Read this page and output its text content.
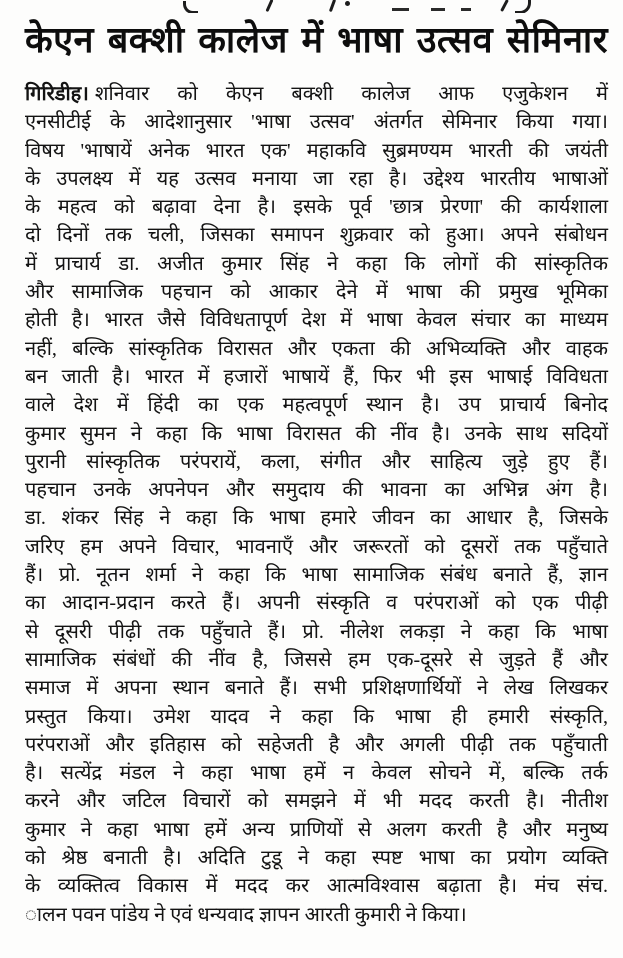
केएन बक्शी कालेज में भाषा उत्सव सेमिनार

गिरिडीह। शनिवार को केएन बक्शी कालेज आफ एजुकेशन में

एनसीटीई के आदेशानुसार 'भाषा उत्सव' अंतर्गत सेमिनार किया गया।

विषय 'भाषायें अनेक भारत एक' महाकवि सुब्रमण्यम भारती की जयंती

के उपलक्ष्य में यह उत्सव मनाया जा रहा है। उद्देश्य भारतीय भाषाओं

के महत्व को बढ़ावा देना है। इसके पूर्व 'छात्र प्रेरणा' की कार्यशाला

दो दिनों तक चली, जिसका समापन शुक्रवार को हुआ। अपने संबोधन

में प्राचार्य डा. अजीत कुमार सिंह ने कहा कि लोगों की सांस्कृतिक

और सामाजिक पहचान को आकार देने में भाषा की प्रमुख भूमिका

होती है। भारत जैसे विविधतापूर्ण देश में भाषा केवल संचार का माध्यम

नहीं, बल्कि सांस्कृतिक विरासत और एकता की अभिव्यक्ति और वाहक

बन जाती है। भारत में हजारों भाषायें हैं, फिर भी इस भाषाई विविधता

वाले देश में हिंदी का एक महत्वपूर्ण स्थान है। उप प्राचार्य बिनोद

कुमार सुमन ने कहा कि भाषा विरासत की नींव है। उनके साथ सदियों

पुरानी सांस्कृतिक परंपरायें, कला, संगीत और साहित्य जुड़े हुए हैं।

पहचान उनके अपनेपन और समुदाय की भावना का अभिन्न अंग है।

डा. शंकर सिंह ने कहा कि भाषा हमारे जीवन का आधार है, जिसके

जरिए हम अपने विचार, भावनाएँ और जरूरतों को दूसरों तक पहुँचाते

हैं। प्रो. नूतन शर्मा ने कहा कि भाषा सामाजिक संबंध बनाते हैं, ज्ञान

का आदान-प्रदान करते हैं। अपनी संस्कृति व परंपराओं को एक पीढ़ी

से दूसरी पीढ़ी तक पहुँचाते हैं। प्रो. नीलेश लकड़ा ने कहा कि भाषा

सामाजिक संबंधों की नींव है, जिससे हम एक-दूसरे से जुड़ते हैं और

समाज में अपना स्थान बनाते हैं। सभी प्रशिक्षणार्थियों ने लेख लिखकर

प्रस्तुत किया। उमेश यादव ने कहा कि भाषा ही हमारी संस्कृति,

परंपराओं और इतिहास को सहेजती है और अगली पीढ़ी तक पहुँचाती

है। सत्येंद्र मंडल ने कहा भाषा हमें न केवल सोचने में, बल्कि तर्क

करने और जटिल विचारों को समझने में भी मदद करती है। नीतीश

कुमार ने कहा भाषा हमें अन्य प्राणियों से अलग करती है और मनुष्य

को श्रेष्ठ बनाती है। अदिति टुडू ने कहा स्पष्ट भाषा का प्रयोग व्यक्ति

के व्यक्तित्व विकास में मदद कर आत्मविश्वास बढ़ाता है। मंच संच.

ालन पवन पांडेय ने एवं धन्यवाद ज्ञापन आरती कुमारी ने किया।
